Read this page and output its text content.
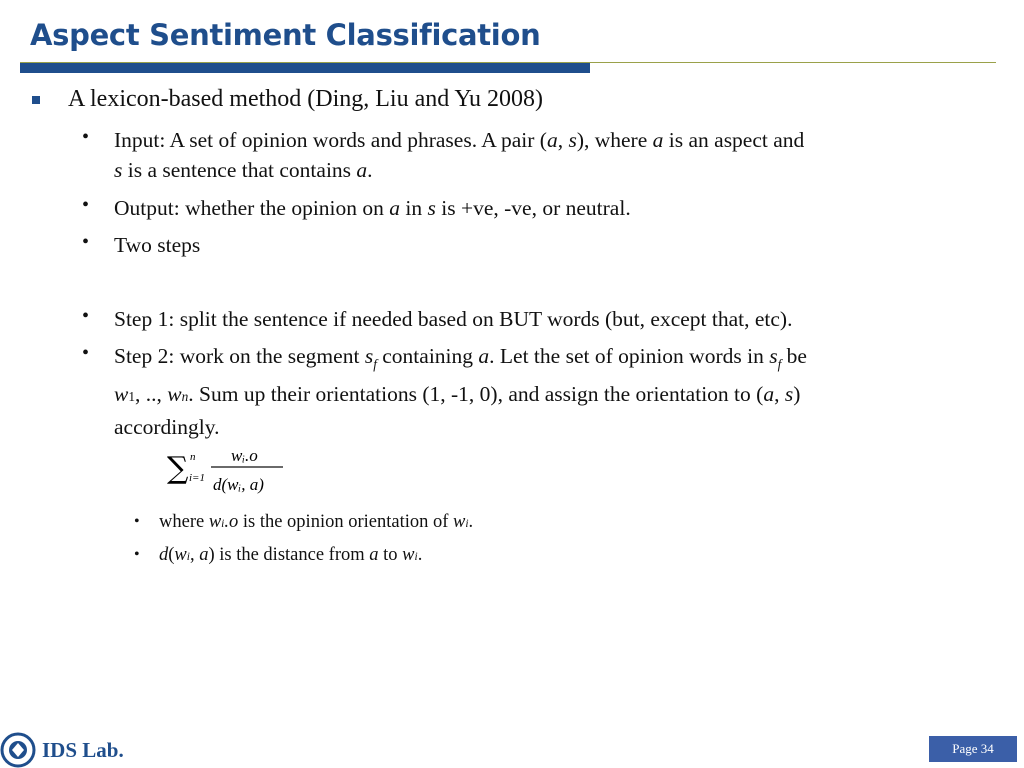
Aspect Sentiment Classification
A lexicon-based method (Ding, Liu and Yu 2008)
• Input: A set of opinion words and phrases. A pair (a, s), where a is an aspect and
s is a sentence that contains a.
• Output: whether the opinion on a in s is +ve, -ve, or neutral.
• Two steps
• Step 1: split the sentence if needed based on BUT words (but, except that, etc).
• Step 2: work on the segment $s_f$ containing a. Let the set of opinion words in $s_f$ be
w1, .., wn. Sum up their orientations (1, -1, 0), and assign the orientation to (a, s)
accordingly.
∑ n
i=1
wᵢ.o
d(wᵢ, a)
• where wi.o is the opinion orientation of wi.
• d(wi, a) is the distance from a to wi.
IDS Lab.	Page 34
